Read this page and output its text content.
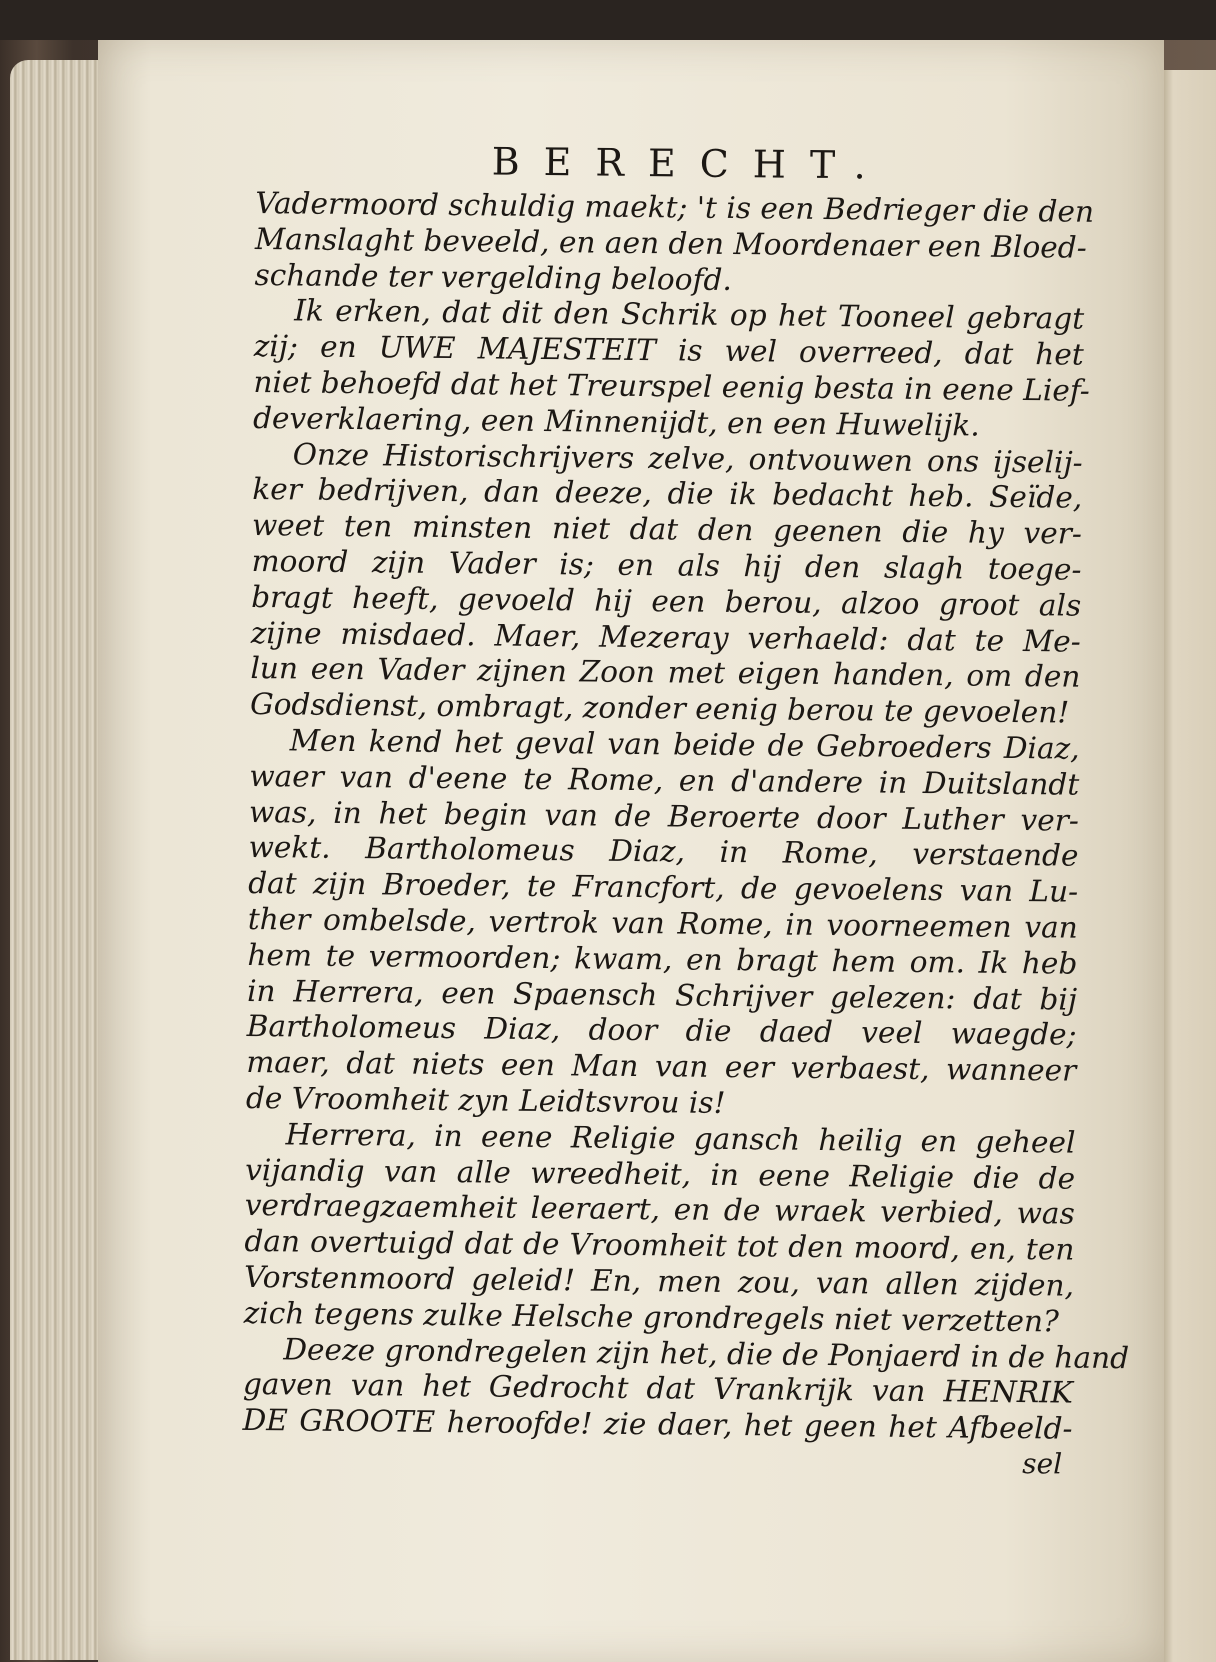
BERECHT.
Vadermoord schuldig maekt; 't is een Bedrieger die den
Manslaght beveeld, en aen den Moordenaer een Bloed-
schande ter vergelding beloofd.
Ik erken, dat dit den Schrik op het Tooneel gebragt
zij; en UWE MAJESTEIT is wel overreed, dat het
niet behoefd dat het Treurspel eenig besta in eene Lief-
deverklaering, een Minnenijdt, en een Huwelijk.
Onze Historischrijvers zelve, ontvouwen ons ijselij-
ker bedrijven, dan deeze, die ik bedacht heb. Seïde,
weet ten minsten niet dat den geenen die hy ver-
moord zijn Vader is; en als hij den slagh toege-
bragt heeft, gevoeld hij een berou, alzoo groot als
zijne misdaed. Maer, Mezeray verhaeld: dat te Me-
lun een Vader zijnen Zoon met eigen handen, om den
Godsdienst, ombragt, zonder eenig berou te gevoelen!
Men kend het geval van beide de Gebroeders Diaz,
waer van d'eene te Rome, en d'andere in Duitslandt
was, in het begin van de Beroerte door Luther ver-
wekt. Bartholomeus Diaz, in Rome, verstaende
dat zijn Broeder, te Francfort, de gevoelens van Lu-
ther ombelsde, vertrok van Rome, in voorneemen van
hem te vermoorden; kwam, en bragt hem om. Ik heb
in Herrera, een Spaensch Schrijver gelezen: dat bij
Bartholomeus Diaz, door die daed veel waegde;
maer, dat niets een Man van eer verbaest, wanneer
de Vroomheit zyn Leidtsvrou is!
Herrera, in eene Religie gansch heilig en geheel
vijandig van alle wreedheit, in eene Religie die de
verdraegzaemheit leeraert, en de wraek verbied, was
dan overtuigd dat de Vroomheit tot den moord, en, ten
Vorstenmoord geleid! En, men zou, van allen zijden,
zich tegens zulke Helsche grondregels niet verzetten?
Deeze grondregelen zijn het, die de Ponjaerd in de hand
gaven van het Gedrocht dat Vrankrijk van HENRIK
DE GROOTE heroofde! zie daer, het geen het Afbeeld-
sel
